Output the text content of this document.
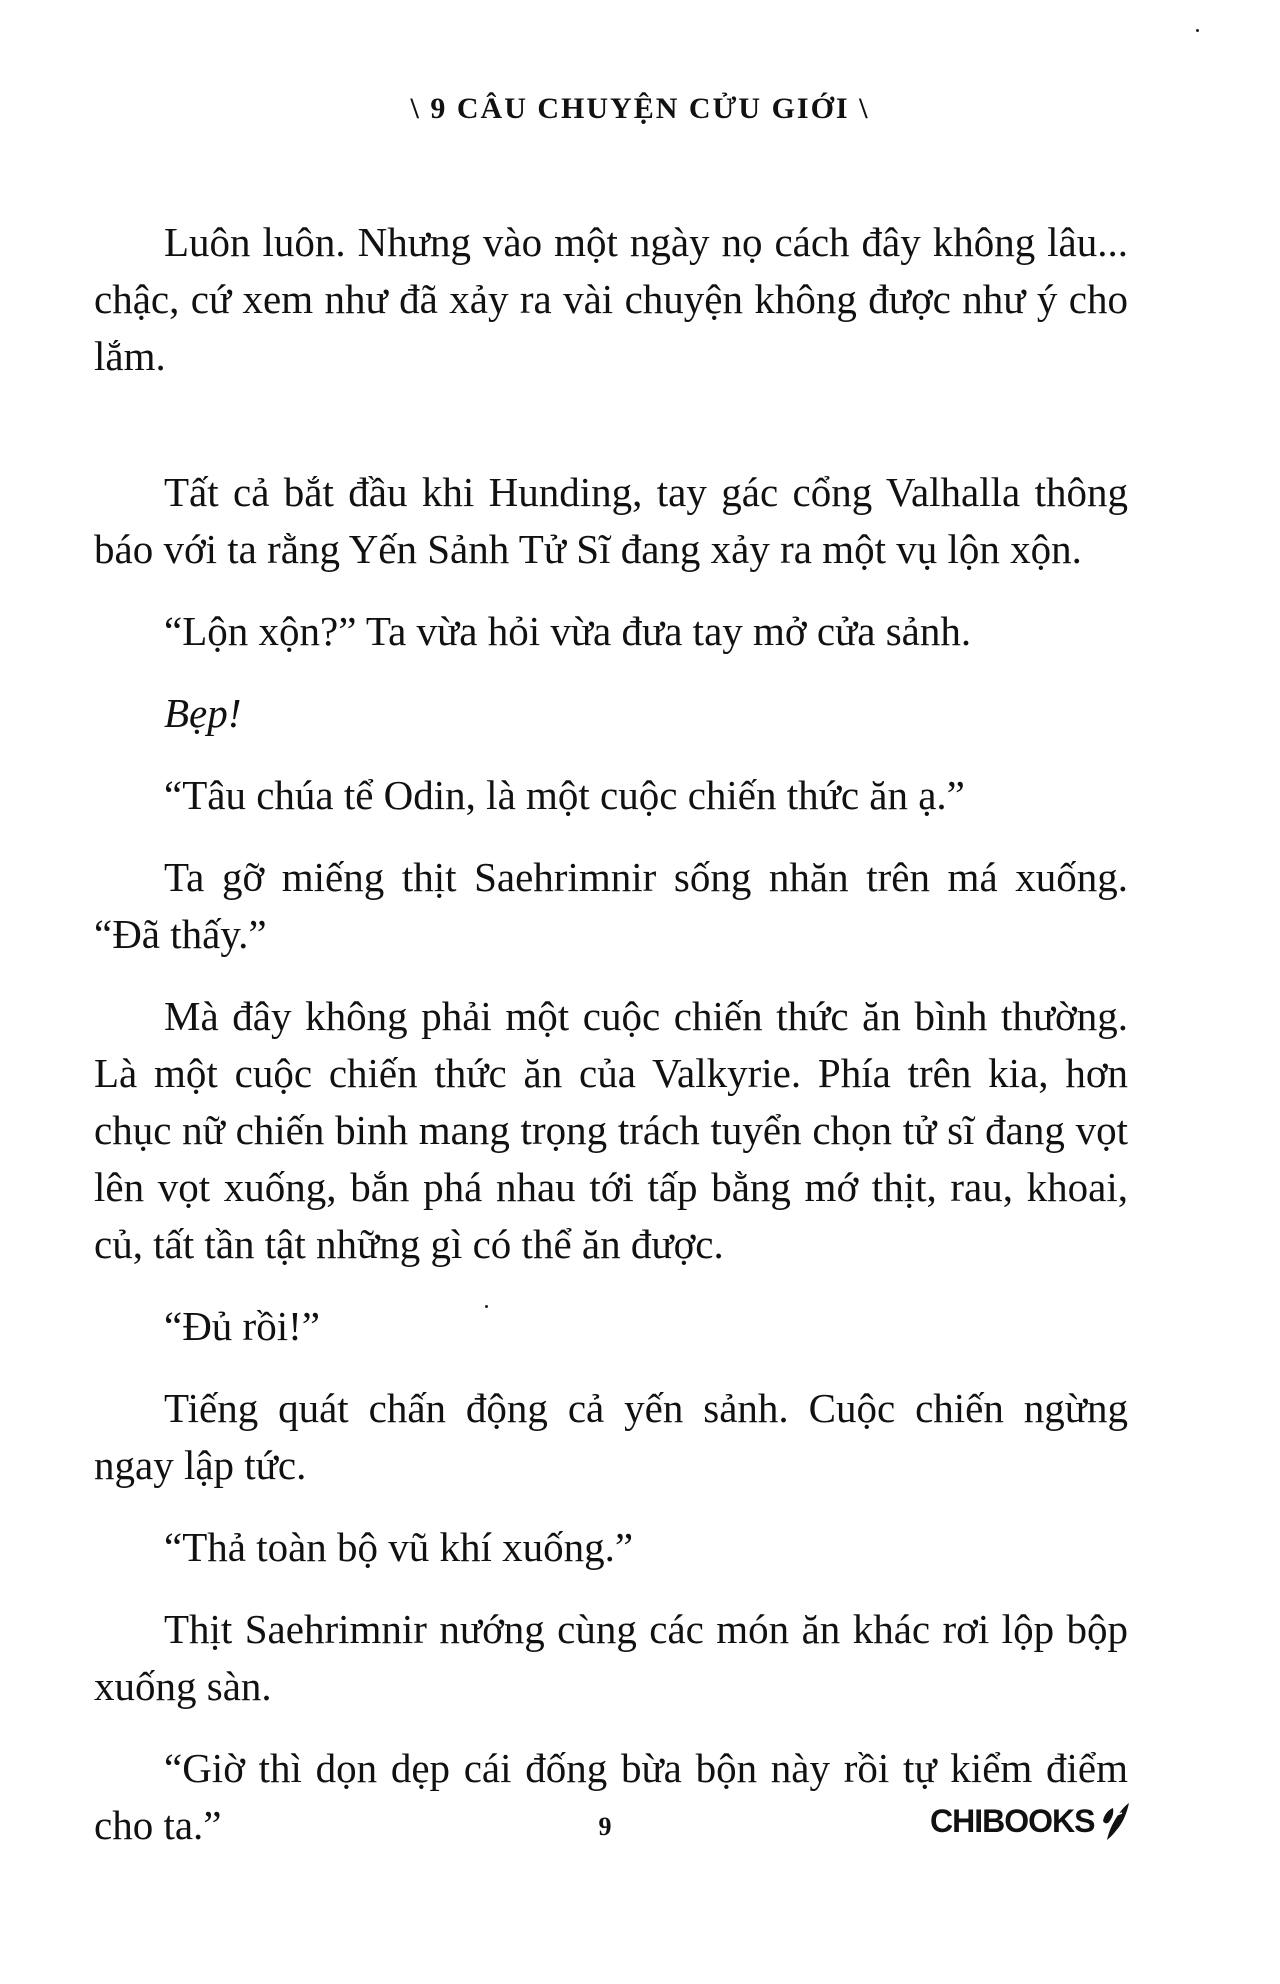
\ 9 CÂU CHUYỆN CỬU GIỚI \

Luôn luôn. Nhưng vào một ngày nọ cách đây không lâu... chậc, cứ xem như đã xảy ra vài chuyện không được như ý cho lắm.

Tất cả bắt đầu khi Hunding, tay gác cổng Valhalla thông báo với ta rằng Yến Sảnh Tử Sĩ đang xảy ra một vụ lộn xộn.

“Lộn xộn?” Ta vừa hỏi vừa đưa tay mở cửa sảnh.

Bẹp!

“Tâu chúa tể Odin, là một cuộc chiến thức ăn ạ.”

Ta gỡ miếng thịt Saehrimnir sống nhăn trên má xuống. “Đã thấy.”

Mà đây không phải một cuộc chiến thức ăn bình thường. Là một cuộc chiến thức ăn của Valkyrie. Phía trên kia, hơn chục nữ chiến binh mang trọng trách tuyển chọn tử sĩ đang vọt lên vọt xuống, bắn phá nhau tới tấp bằng mớ thịt, rau, khoai, củ, tất tần tật những gì có thể ăn được.

“Đủ rồi!”

Tiếng quát chấn động cả yến sảnh. Cuộc chiến ngừng ngay lập tức.

“Thả toàn bộ vũ khí xuống.”

Thịt Saehrimnir nướng cùng các món ăn khác rơi lộp bộp xuống sàn.

“Giờ thì dọn dẹp cái đống bừa bộn này rồi tự kiểm điểm cho ta.”	9	CHIBOOKS
